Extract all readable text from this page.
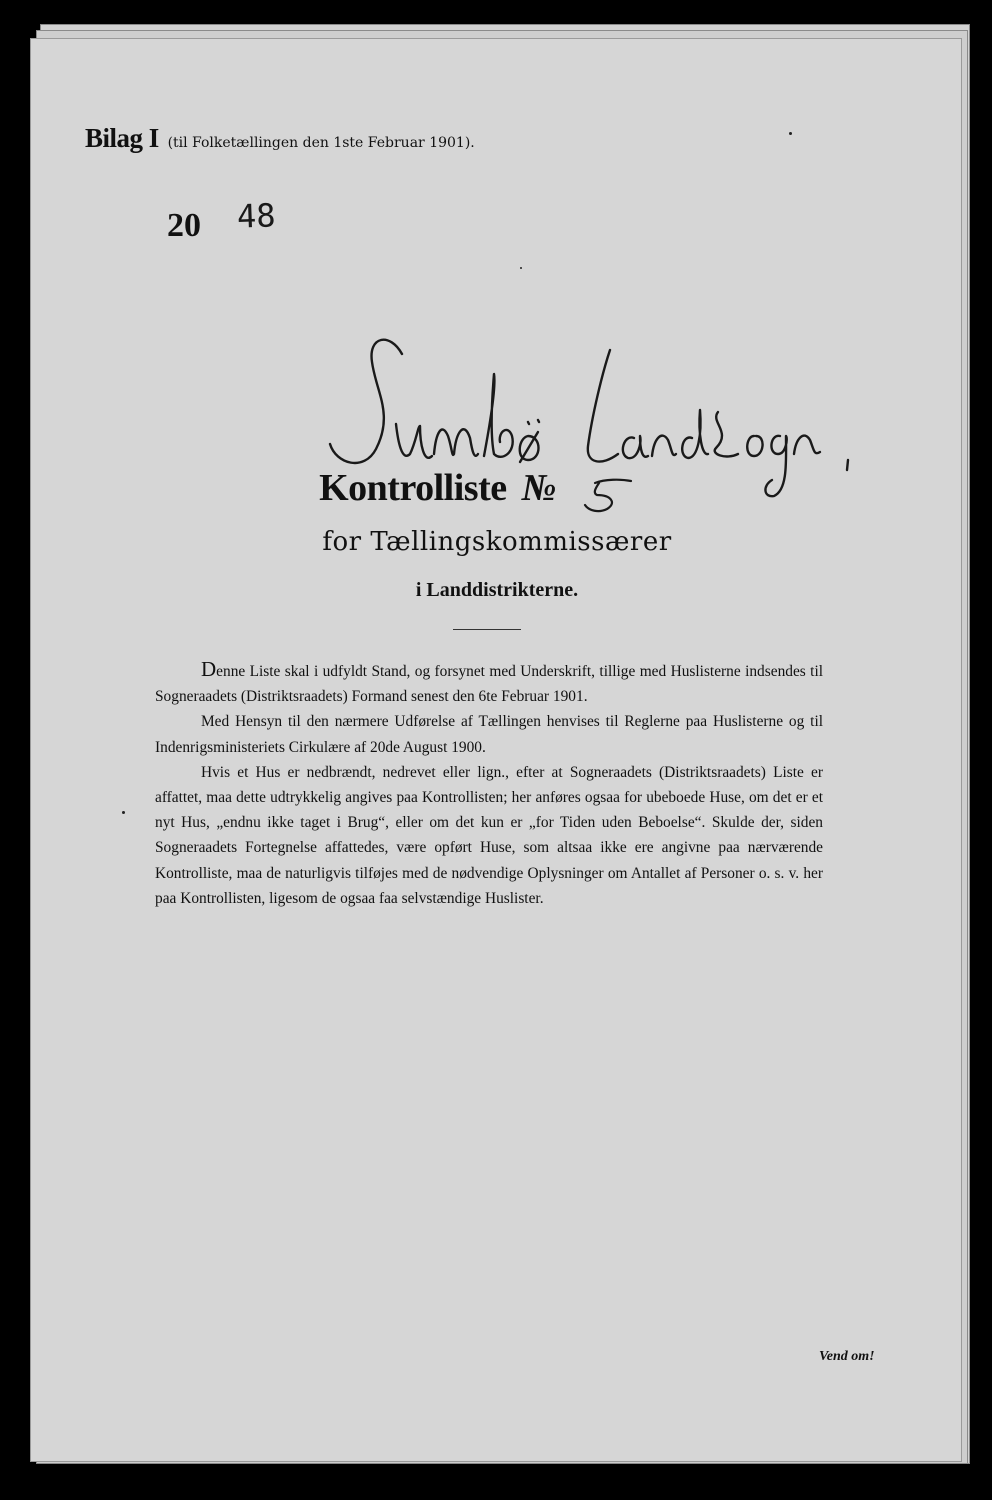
Bilag I (til Folketællingen den 1ste Februar 1901).
20 48
Kontrolliste №
for Tællingskommissærer
i Landdistrikterne.

Denne Liste skal i udfyldt Stand, og forsynet med Underskrift, tillige med Huslisterne indsendes til Sogneraadets (Distriktsraadets) Formand senest den 6te Februar 1901.

Med Hensyn til den nærmere Udførelse af Tællingen henvises til Reglerne paa Huslisterne og til Indenrigsministeriets Cirkulære af 20de August 1900.

Hvis et Hus er nedbrændt, nedrevet eller lign., efter at Sogneraadets (Distriktsraadets) Liste er affattet, maa dette udtrykkelig angives paa Kontrollisten; her anføres ogsaa for ubeboede Huse, om det er et nyt Hus, „endnu ikke taget i Brug“, eller om det kun er „for Tiden uden Beboelse“. Skulde der, siden Sogneraadets Fortegnelse affattedes, være opført Huse, som altsaa ikke ere angivne paa nærværende Kontrolliste, maa de naturligvis tilføjes med de nødvendige Oplysninger om Antallet af Personer o. s. v. her paa Kontrollisten, ligesom de ogsaa faa selvstændige Huslister.

Vend om!
